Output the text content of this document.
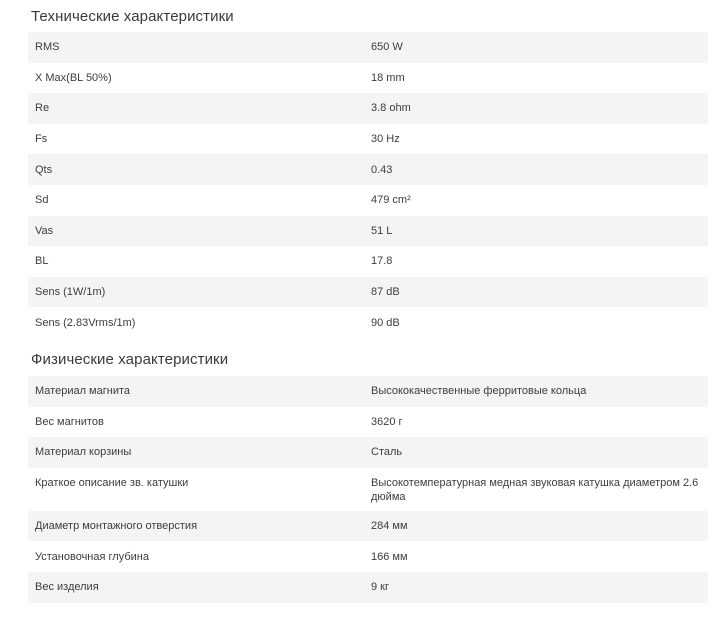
Технические характеристики
RMS	650 W
X Max(BL 50%)	18 mm
Re	3.8 ohm
Fs	30 Hz
Qts	0.43
Sd	479 cm²
Vas	51 L
BL	17.8
Sens (1W/1m)	87 dB
Sens (2.83Vrms/1m)	90 dB
Физические характеристики
Материал магнита	Высококачественные ферритовые кольца
Вес магнитов	3620 г
Материал корзины	Сталь
Краткое описание зв. катушки	Высокотемпературная медная звуковая катушка диаметром 2.6 дюйма
Диаметр монтажного отверстия	284 мм
Установочная глубина	166 мм
Вес изделия	9 кг
